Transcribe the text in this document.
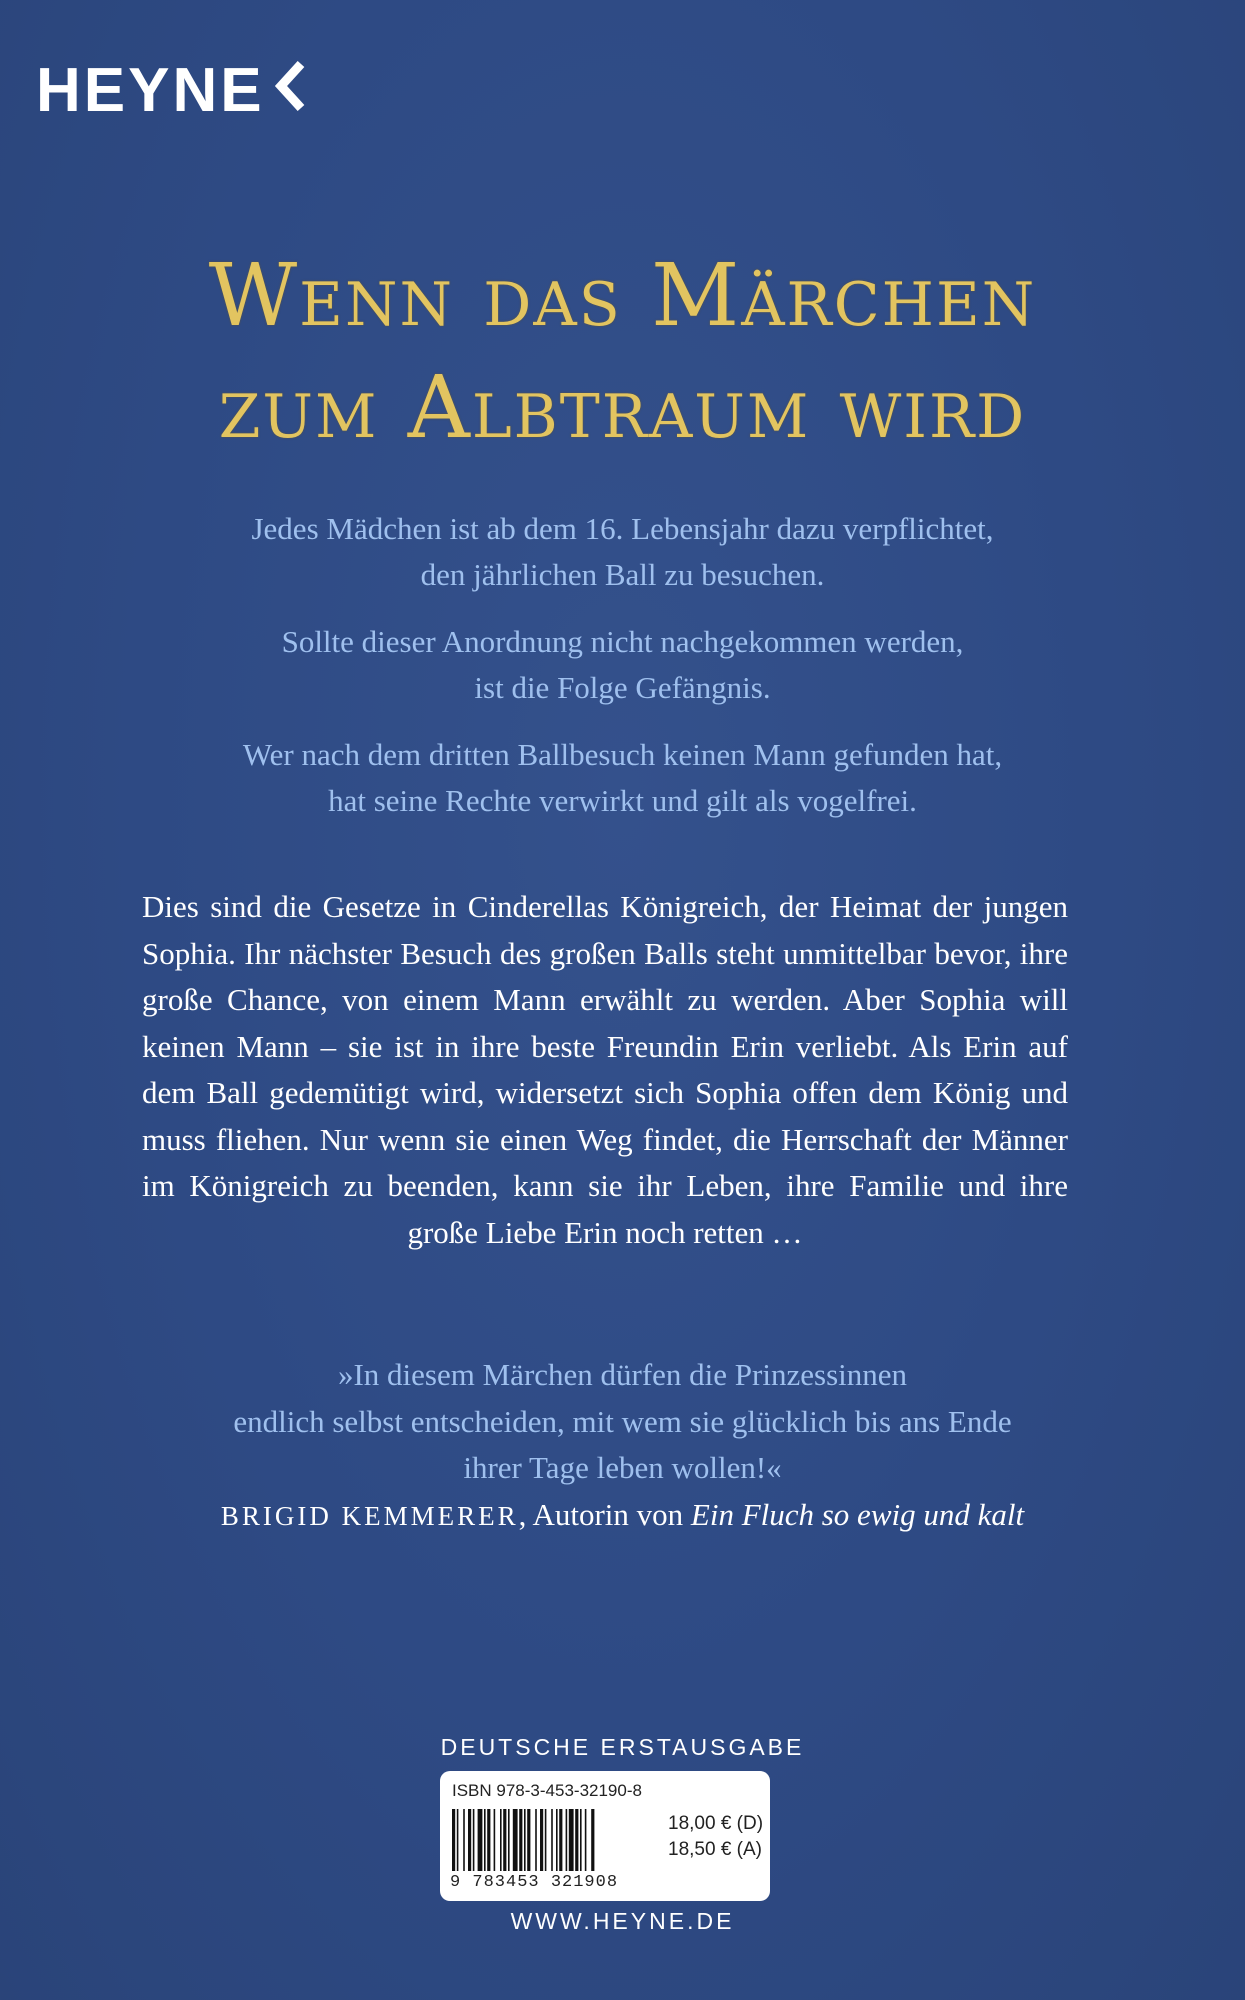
HEYNE
Wenn das Märchen
zum Albtraum wird

Jedes Mädchen ist ab dem 16. Lebensjahr dazu verpflichtet,
den jährlichen Ball zu besuchen.

Sollte dieser Anordnung nicht nachgekommen werden,
ist die Folge Gefängnis.

Wer nach dem dritten Ballbesuch keinen Mann gefunden hat,
hat seine Rechte verwirkt und gilt als vogelfrei.

Dies sind die Gesetze in Cinderellas Königreich, der Heimat der jungen Sophia. Ihr nächster Besuch des großen Balls steht unmittelbar bevor, ihre große Chance, von einem Mann erwählt zu werden. Aber Sophia will keinen Mann – sie ist in ihre beste Freundin Erin verliebt. Als Erin auf dem Ball gedemütigt wird, widersetzt sich Sophia offen dem König und muss fliehen. Nur wenn sie einen Weg findet, die Herrschaft der Männer im Königreich zu beenden, kann sie ihr Leben, ihre Familie und ihre große Liebe Erin noch retten …
»In diesem Märchen dürfen die Prinzessinnen
endlich selbst entscheiden, mit wem sie glücklich bis ans Ende
ihrer Tage leben wollen!«
BRIGID KEMMERER, Autorin von Ein Fluch so ewig und kalt
DEUTSCHE ERSTAUSGABE
ISBN 978-3-453-32190-8
9 783453 321908
18,00 € (D)
18,50 € (A)
WWW.HEYNE.DE
